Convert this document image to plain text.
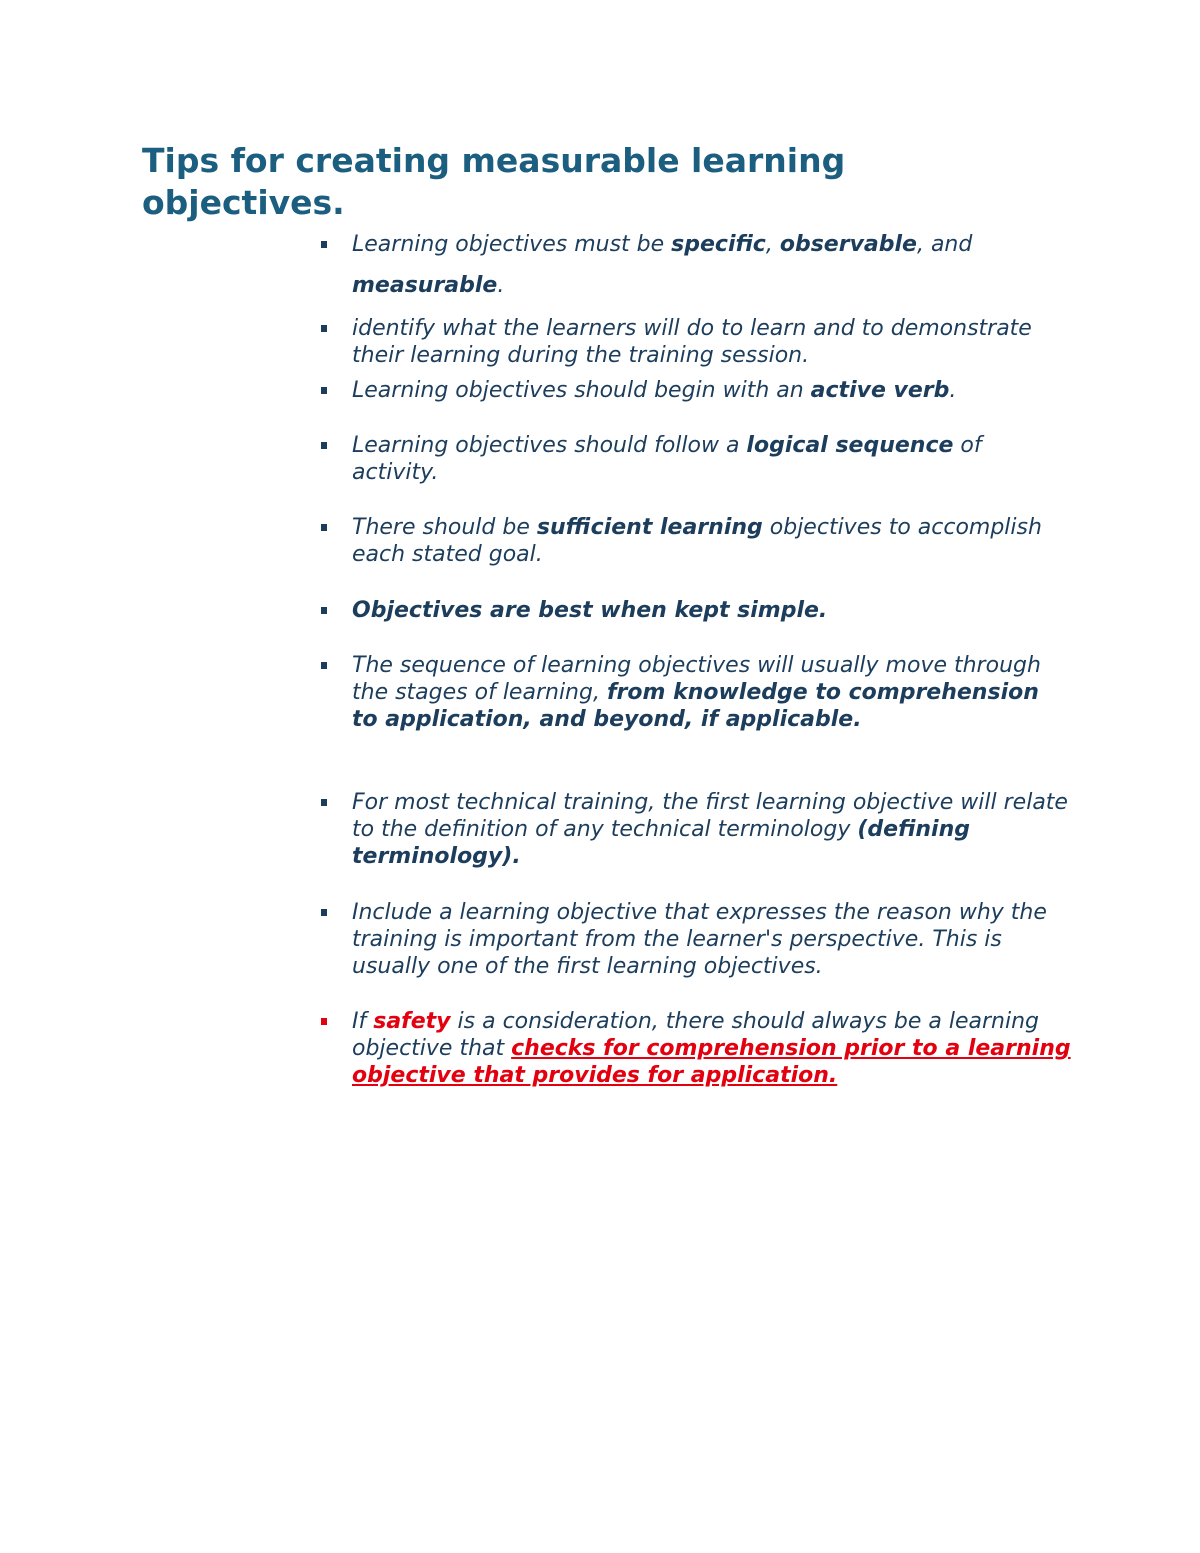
Tips for creating measurable learning objectives.
Learning objectives must be specific, observable, and
measurable.
identify what the learners will do to learn and to demonstrate their learning during the training session.
Learning objectives should begin with an active verb.
Learning objectives should follow a logical sequence of activity.
There should be sufficient learning objectives to accomplish each stated goal.
Objectives are best when kept simple.
The sequence of learning objectives will usually move through the stages of learning, from knowledge to comprehension to application, and beyond, if applicable.
For most technical training, the first learning objective will relate to the definition of any technical terminology (defining terminology).
Include a learning objective that expresses the reason why the training is important from the learner's perspective. This is usually one of the first learning objectives.
If safety is a consideration, there should always be a learning objective that checks for comprehension prior to a learning objective that provides for application.
